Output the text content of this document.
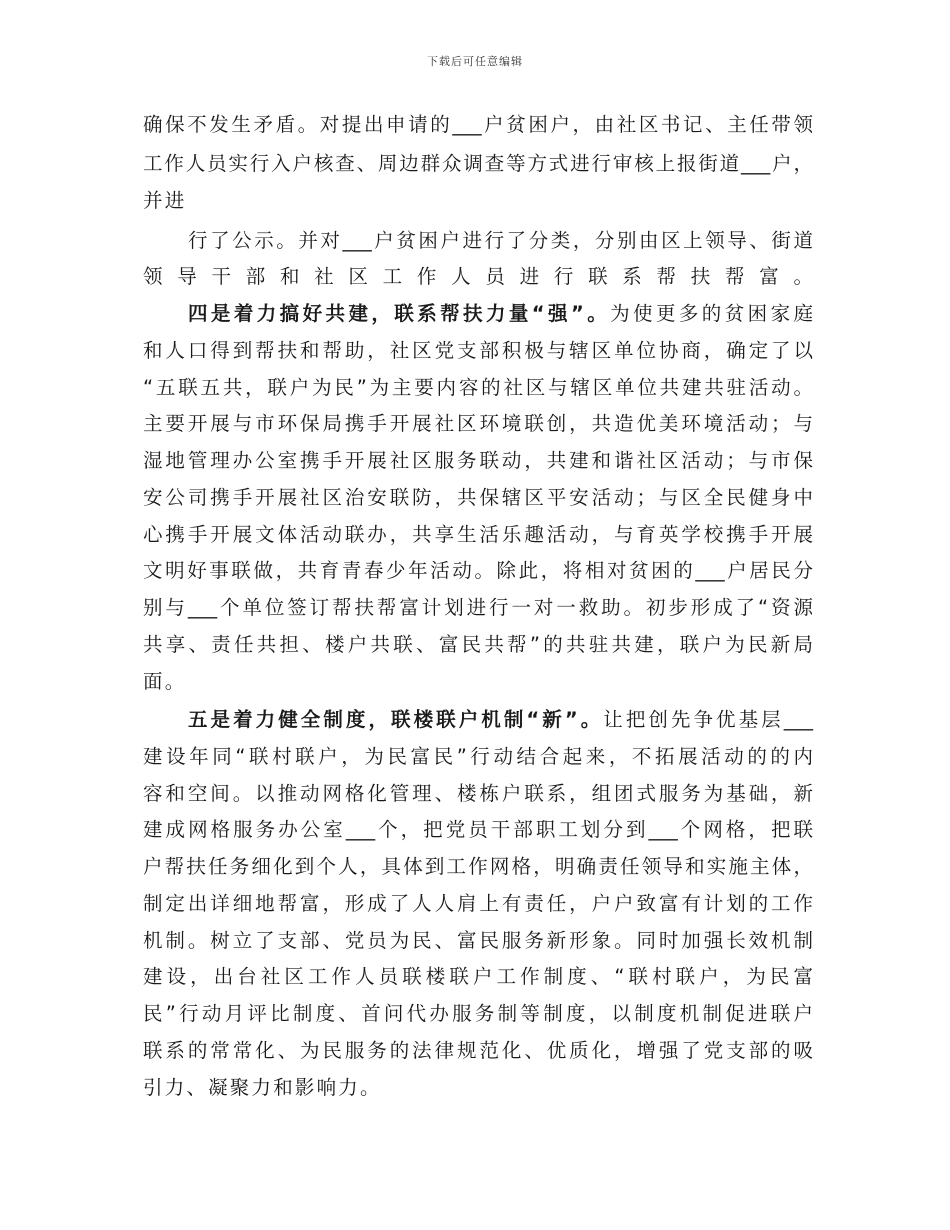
下载后可任意编辑
确保不发生矛盾。对提出申请的___户贫困户，由社区书记、主任带领
工作人员实行入户核查、周边群众调查等方式进行审核上报街道___户，
并进
行了公示。并对___户贫困户进行了分类，分别由区上领导、街道
领导干部和社区工作人员进行联系帮扶帮富。
四是着力搞好共建，联系帮扶力量“强”。为使更多的贫困家庭
和人口得到帮扶和帮助，社区党支部积极与辖区单位协商，确定了以
“五联五共，联户为民”为主要内容的社区与辖区单位共建共驻活动。
主要开展与市环保局携手开展社区环境联创，共造优美环境活动；与
湿地管理办公室携手开展社区服务联动，共建和谐社区活动；与市保
安公司携手开展社区治安联防，共保辖区平安活动；与区全民健身中
心携手开展文体活动联办，共享生活乐趣活动，与育英学校携手开展
文明好事联做，共育青春少年活动。除此，将相对贫困的___户居民分
别与___个单位签订帮扶帮富计划进行一对一救助。初步形成了“资源
共享、责任共担、楼户共联、富民共帮”的共驻共建，联户为民新局
面。
五是着力健全制度，联楼联户机制“新”。让把创先争优基层___
建设年同“联村联户，为民富民”行动结合起来，不拓展活动的的内
容和空间。以推动网格化管理、楼栋户联系，组团式服务为基础，新
建成网格服务办公室___个，把党员干部职工划分到___个网格，把联
户帮扶任务细化到个人，具体到工作网格，明确责任领导和实施主体，
制定出详细地帮富，形成了人人肩上有责任，户户致富有计划的工作
机制。树立了支部、党员为民、富民服务新形象。同时加强长效机制
建设，出台社区工作人员联楼联户工作制度、“联村联户，为民富
民”行动月评比制度、首问代办服务制等制度，以制度机制促进联户
联系的常常化、为民服务的法律规范化、优质化，增强了党支部的吸
引力、凝聚力和影响力。
